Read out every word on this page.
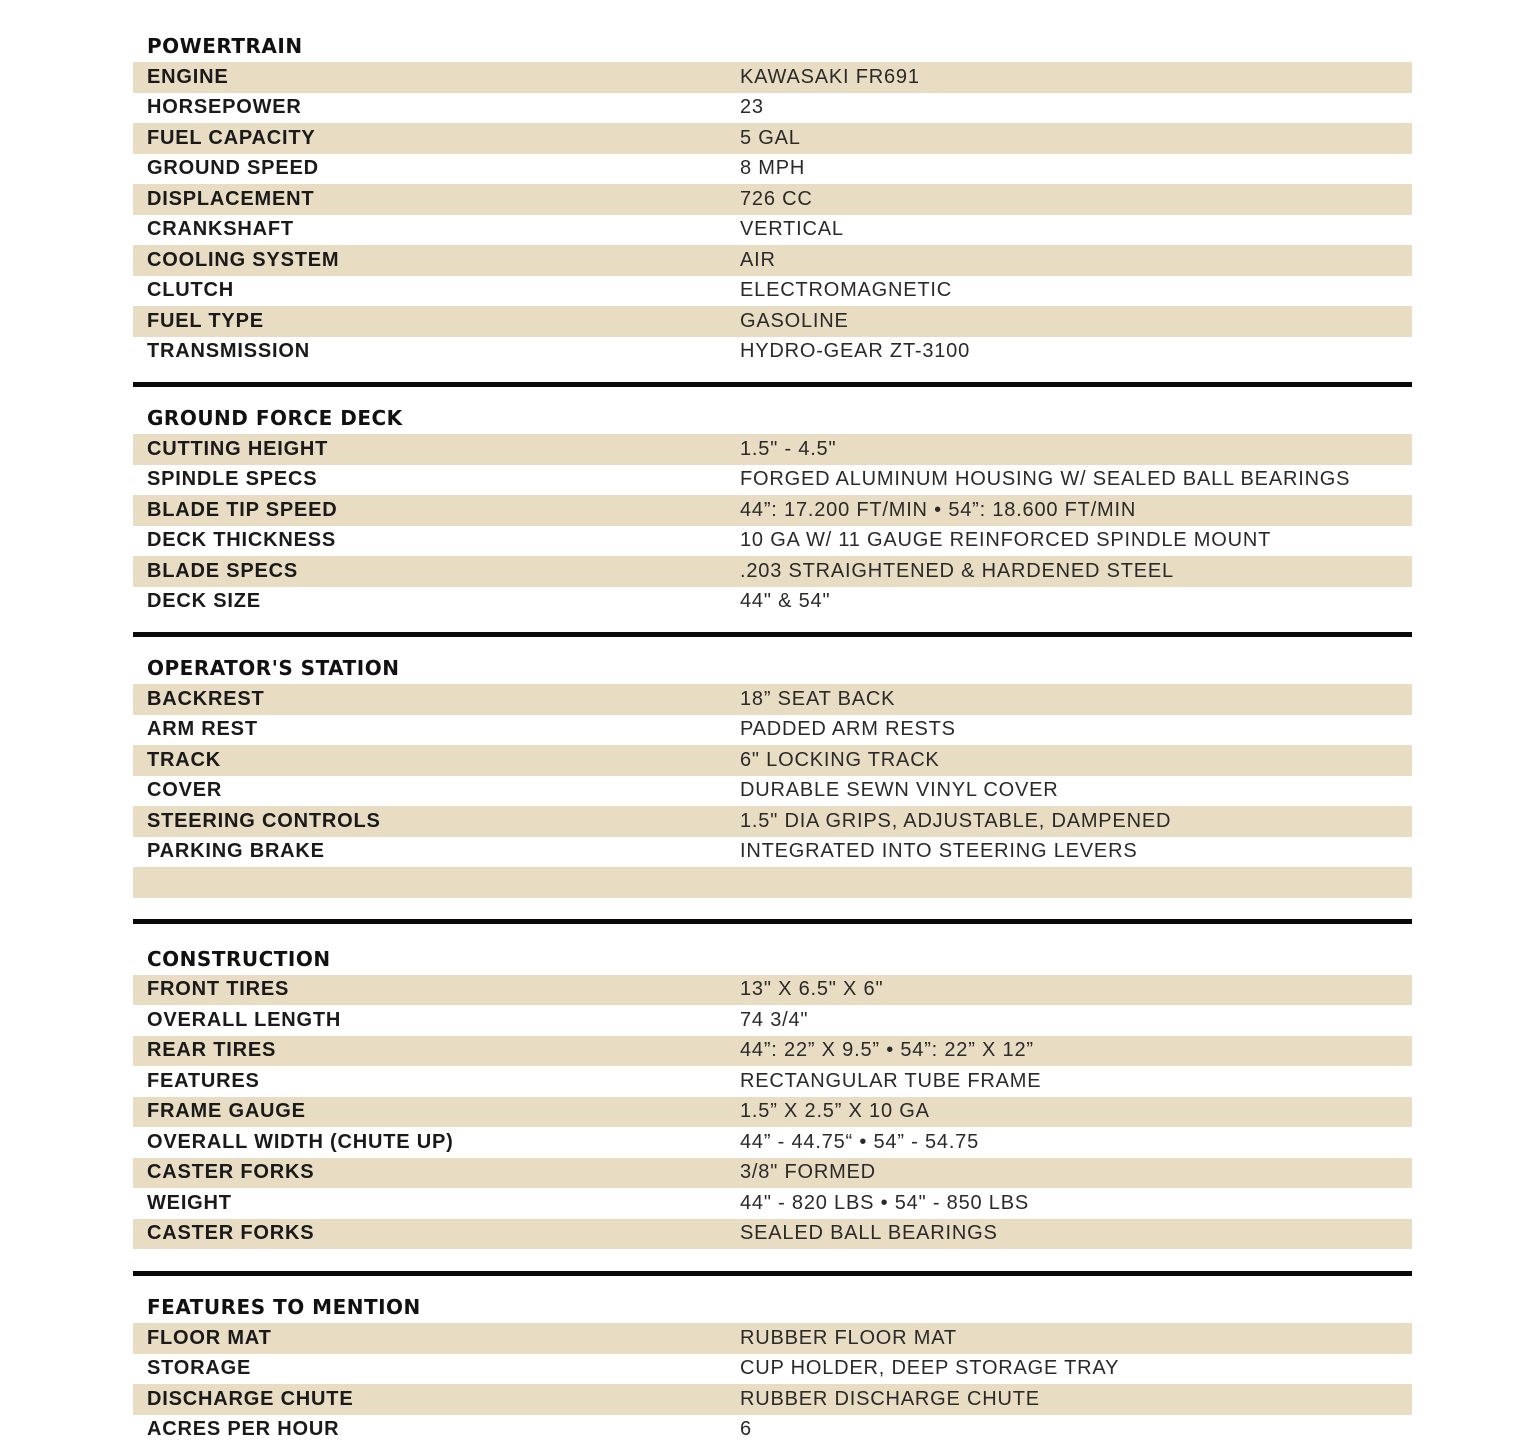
POWERTRAIN
ENGINE	KAWASAKI FR691
HORSEPOWER	23
FUEL CAPACITY	5 GAL
GROUND SPEED	8 MPH
DISPLACEMENT	726 CC
CRANKSHAFT	VERTICAL
COOLING SYSTEM	AIR
CLUTCH	ELECTROMAGNETIC
FUEL TYPE	GASOLINE
TRANSMISSION	HYDRO-GEAR ZT-3100
GROUND FORCE DECK
CUTTING HEIGHT	1.5" - 4.5"
SPINDLE SPECS	FORGED ALUMINUM HOUSING W/ SEALED BALL BEARINGS
BLADE TIP SPEED	44”: 17.200 FT/MIN • 54”: 18.600 FT/MIN
DECK THICKNESS	10 GA W/ 11 GAUGE REINFORCED SPINDLE MOUNT
BLADE SPECS	.203 STRAIGHTENED & HARDENED STEEL
DECK SIZE	44" & 54"
OPERATOR'S STATION
BACKREST	18” SEAT BACK
ARM REST	PADDED ARM RESTS
TRACK	6" LOCKING TRACK
COVER	DURABLE SEWN VINYL COVER
STEERING CONTROLS	1.5" DIA GRIPS, ADJUSTABLE, DAMPENED
PARKING BRAKE	INTEGRATED INTO STEERING LEVERS
CONSTRUCTION
FRONT TIRES	13" X 6.5" X 6"
OVERALL LENGTH	74 3/4"
REAR TIRES	44”: 22” X 9.5” • 54”: 22” X 12”
FEATURES	RECTANGULAR TUBE FRAME
FRAME GAUGE	1.5” X 2.5” X 10 GA
OVERALL WIDTH (CHUTE UP)	44” - 44.75“ • 54” - 54.75
CASTER FORKS	3/8" FORMED
WEIGHT	44" - 820 LBS • 54" - 850 LBS
CASTER FORKS	SEALED BALL BEARINGS
FEATURES TO MENTION
FLOOR MAT	RUBBER FLOOR MAT
STORAGE	CUP HOLDER, DEEP STORAGE TRAY
DISCHARGE CHUTE	RUBBER DISCHARGE CHUTE
ACRES PER HOUR	6
